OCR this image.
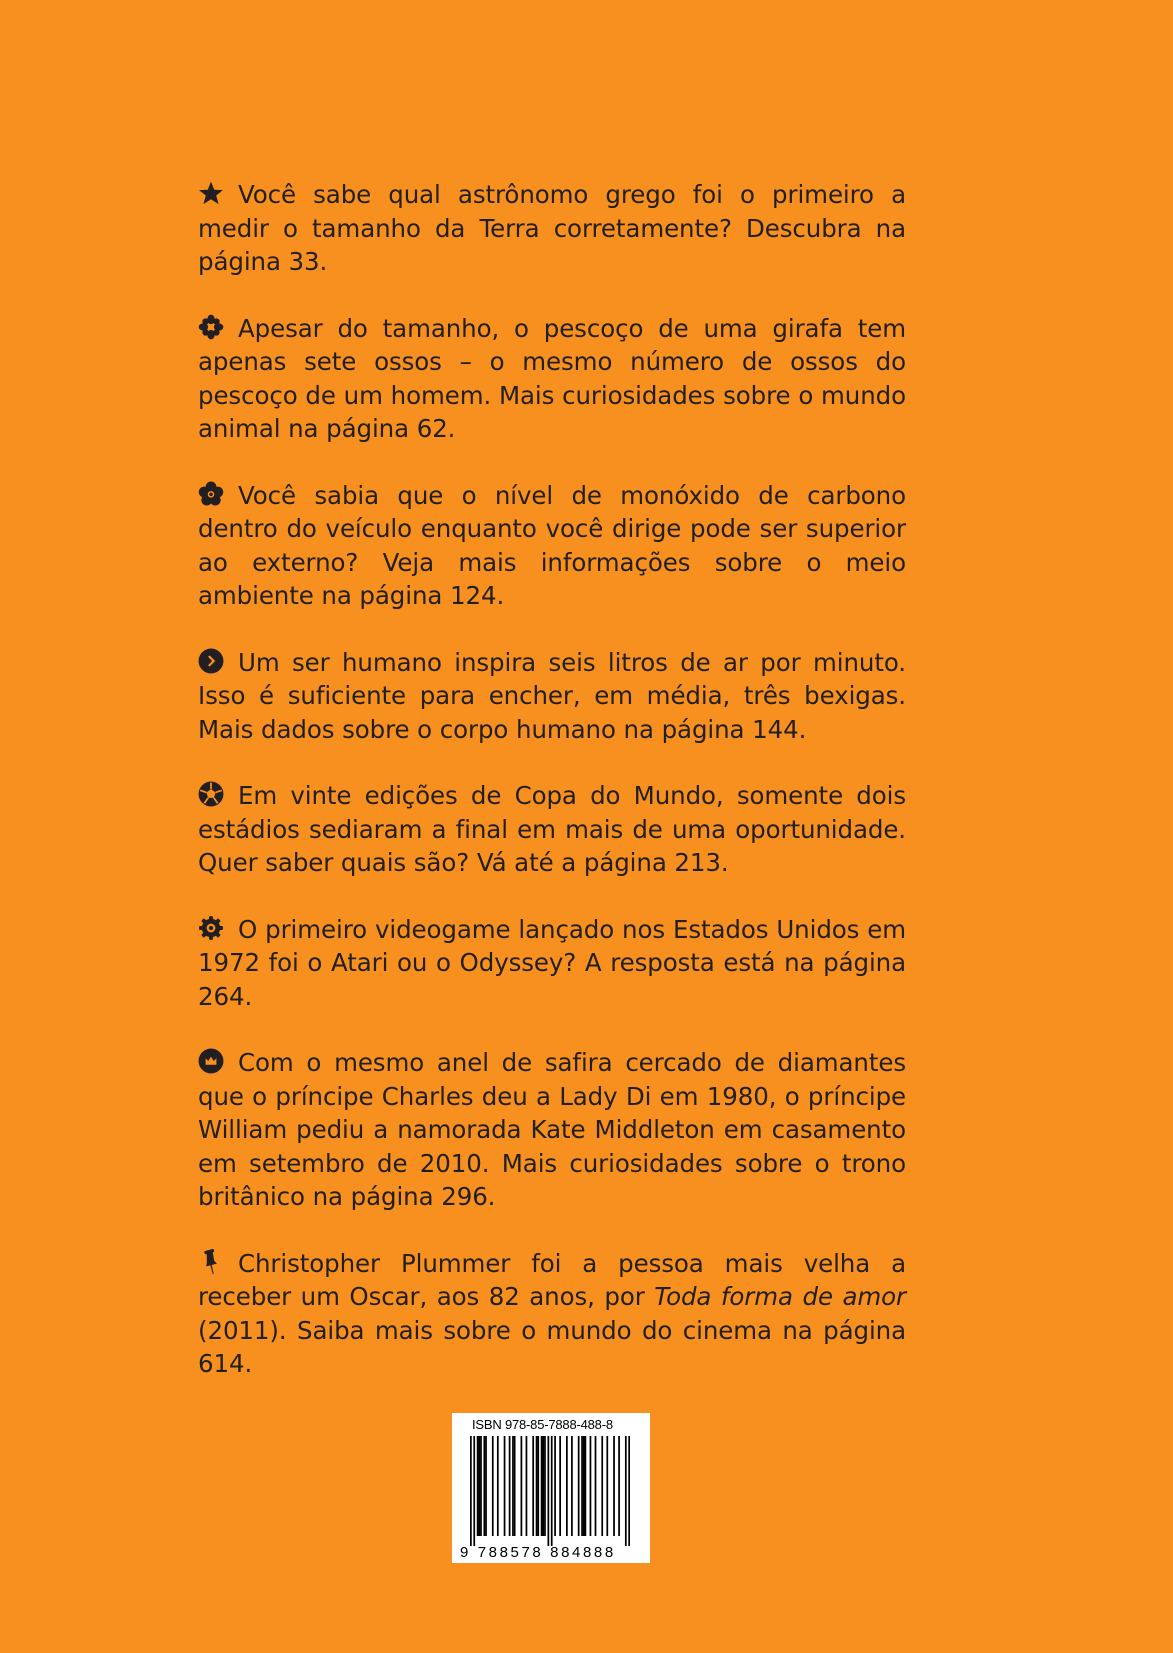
Você sabe qual astrônomo grego foi o primeiro a medir o tamanho da Terra corretamente? Descubra na página 33.

Apesar do tamanho, o pescoço de uma girafa tem apenas sete ossos – o mesmo número de ossos do pescoço de um homem. Mais curiosidades sobre o mundo animal na página 62.

Você sabia que o nível de monóxido de carbono dentro do veículo enquanto você dirige pode ser superior ao externo? Veja mais informações sobre o meio ambiente na página 124.

Um ser humano inspira seis litros de ar por minuto. Isso é suficiente para encher, em média, três bexigas. Mais dados sobre o corpo humano na página 144.

Em vinte edições de Copa do Mundo, somente dois estádios sediaram a final em mais de uma oportunidade. Quer saber quais são? Vá até a página 213.

O primeiro videogame lançado nos Estados Unidos em 1972 foi o Atari ou o Odyssey? A resposta está na página 264.

Com o mesmo anel de safira cercado de diamantes que o príncipe Charles deu a Lady Di em 1980, o príncipe William pediu a namorada Kate Middleton em casamento em setembro de 2010. Mais curiosidades sobre o trono britânico na página 296.

Christopher Plummer foi a pessoa mais velha a receber um Oscar, aos 82 anos, por Toda forma de amor (2011). Saiba mais sobre o mundo do cinema na página 614.

ISBN 978-85-7888-488-8
9 788578 884888
